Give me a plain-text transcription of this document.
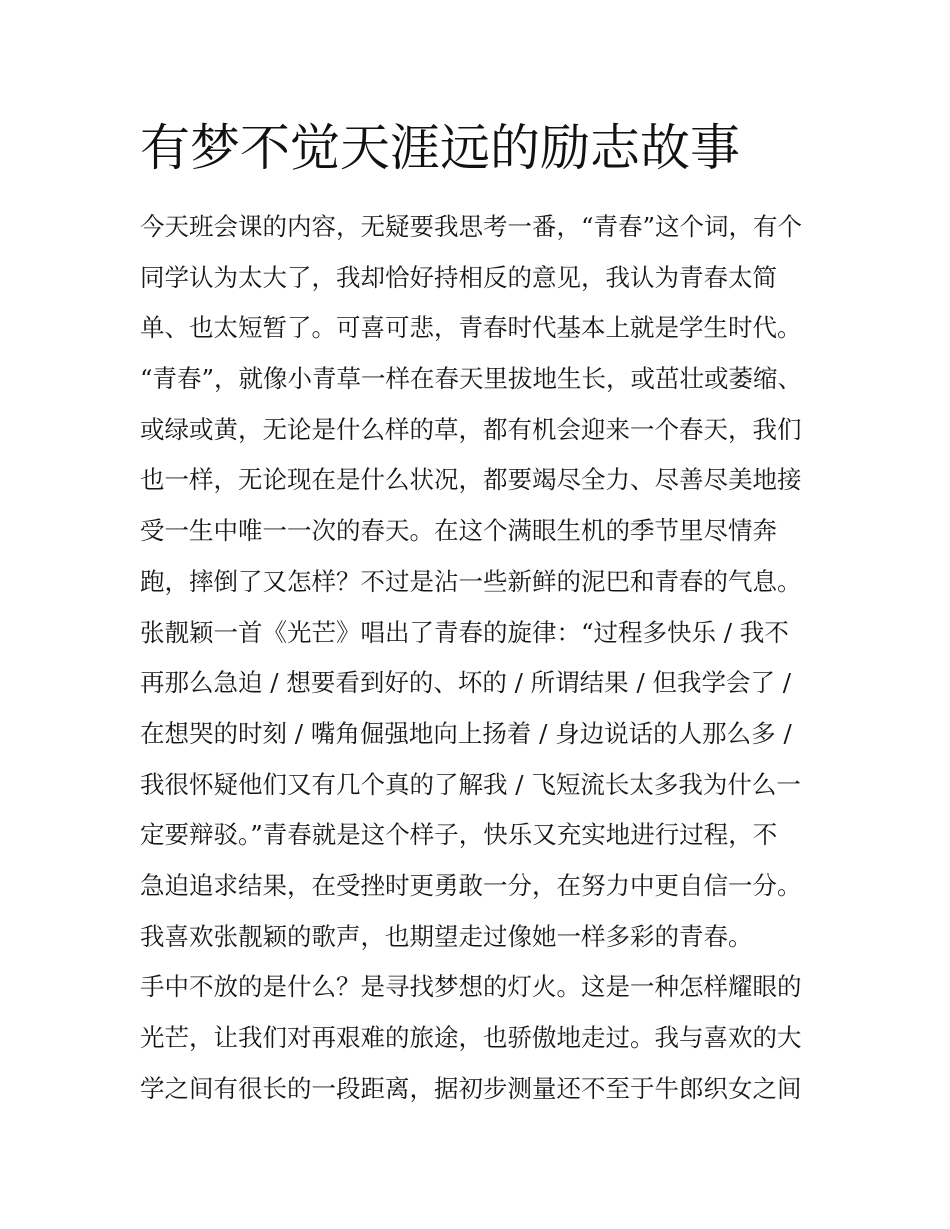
有梦不觉天涯远的励志故事
今天班会课的内容，无疑要我思考一番，“青春”这个词，有个
同学认为太大了，我却恰好持相反的意见，我认为青春太简
单、也太短暂了。可喜可悲，青春时代基本上就是学生时代。
“青春”，就像小青草一样在春天里拔地生长，或茁壮或萎缩、
或绿或黄，无论是什么样的草，都有机会迎来一个春天，我们
也一样，无论现在是什么状况，都要竭尽全力、尽善尽美地接
受一生中唯一一次的春天。在这个满眼生机的季节里尽情奔
跑，摔倒了又怎样？不过是沾一些新鲜的泥巴和青春的气息。
张靓颖一首《光芒》唱出了青春的旋律：“过程多快乐 / 我不
再那么急迫 / 想要看到好的、坏的 / 所谓结果 / 但我学会了 /
在想哭的时刻 / 嘴角倔强地向上扬着 / 身边说话的人那么多 /
我很怀疑他们又有几个真的了解我 / 飞短流长太多我为什么一
定要辩驳。”青春就是这个样子，快乐又充实地进行过程，不
急迫追求结果，在受挫时更勇敢一分，在努力中更自信一分。
我喜欢张靓颖的歌声，也期望走过像她一样多彩的青春。
手中不放的是什么？是寻找梦想的灯火。这是一种怎样耀眼的
光芒，让我们对再艰难的旅途，也骄傲地走过。我与喜欢的大
学之间有很长的一段距离，据初步测量还不至于牛郎织女之间
